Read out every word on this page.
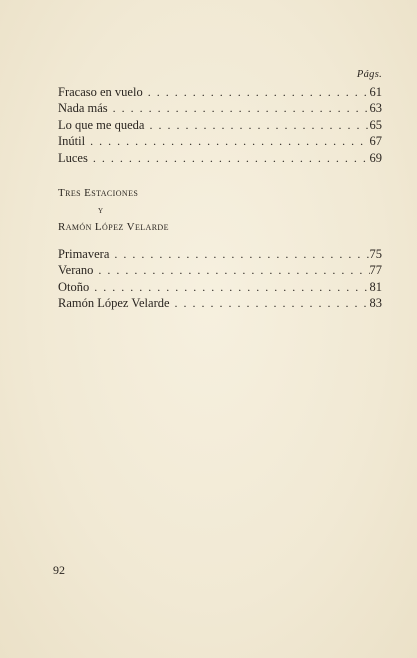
Págs.
Fracaso en vuelo . . .	61
Nada más . . .	63
Lo que me queda . . .	65
Inútil . . .	67
Luces . . .	69
Tres Estaciones
y
Ramón López Velarde
Primavera . . .	75
Verano . . .	77
Otoño . . .	81
Ramón López Velarde . . .	83
92
